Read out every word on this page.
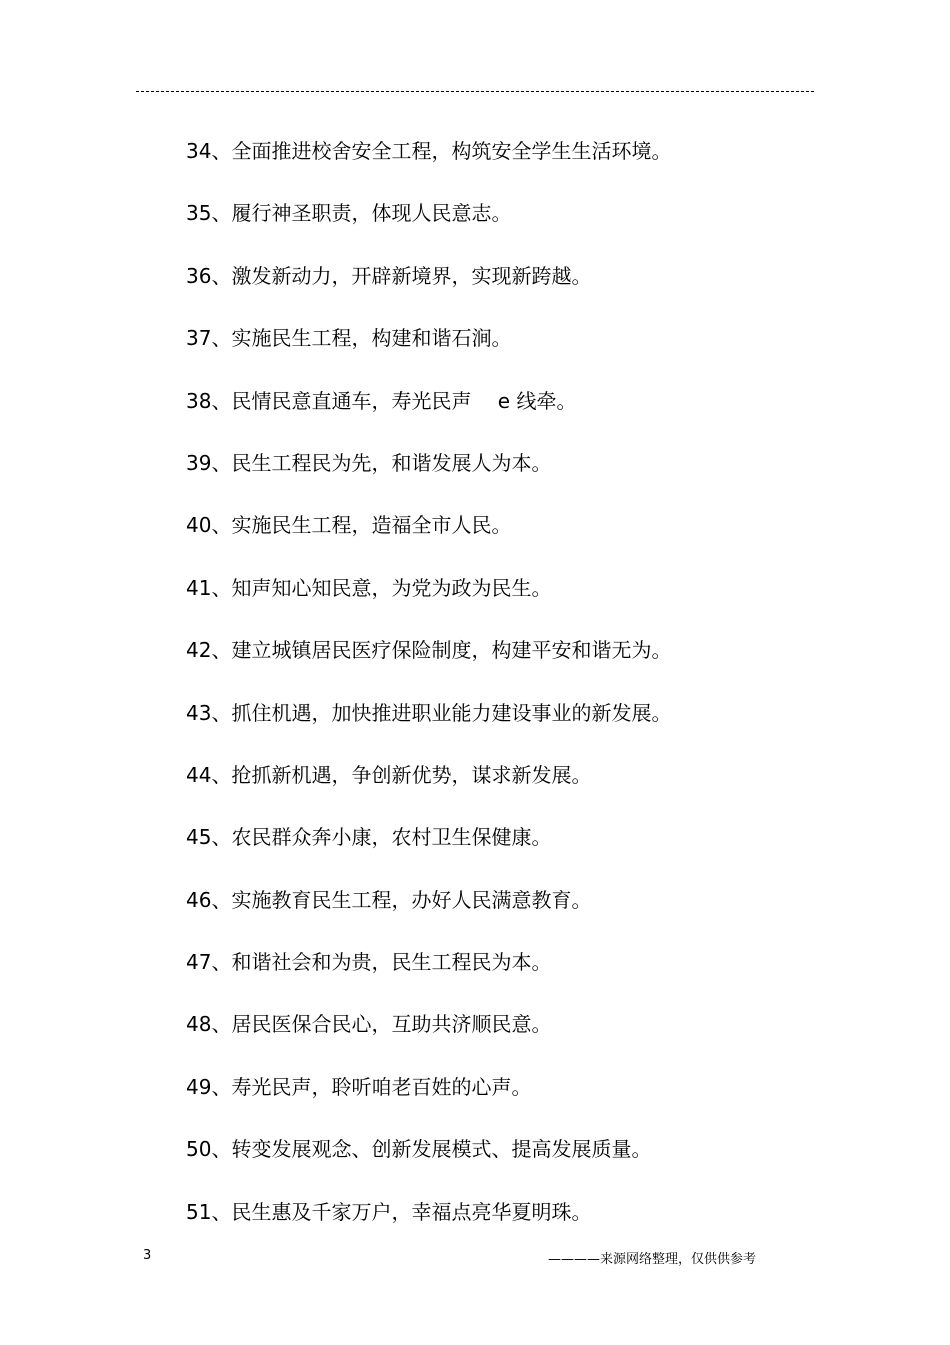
34、全面推进校舍安全工程，构筑安全学生生活环境。
35、履行神圣职责，体现人民意志。
36、激发新动力，开辟新境界，实现新跨越。
37、实施民生工程，构建和谐石涧。
38、民情民意直通车，寿光民声　 e 线牵。
39、民生工程民为先，和谐发展人为本。
40、实施民生工程，造福全市人民。
41、知声知心知民意，为党为政为民生。
42、建立城镇居民医疗保险制度，构建平安和谐无为。
43、抓住机遇，加快推进职业能力建设事业的新发展。
44、抢抓新机遇，争创新优势，谋求新发展。
45、农民群众奔小康，农村卫生保健康。
46、实施教育民生工程，办好人民满意教育。
47、和谐社会和为贵，民生工程民为本。
48、居民医保合民心，互助共济顺民意。
49、寿光民声，聆听咱老百姓的心声。
50、转变发展观念、创新发展模式、提高发展质量。
51、民生惠及千家万户，幸福点亮华夏明珠。
3	————来源网络整理，仅供供参考
